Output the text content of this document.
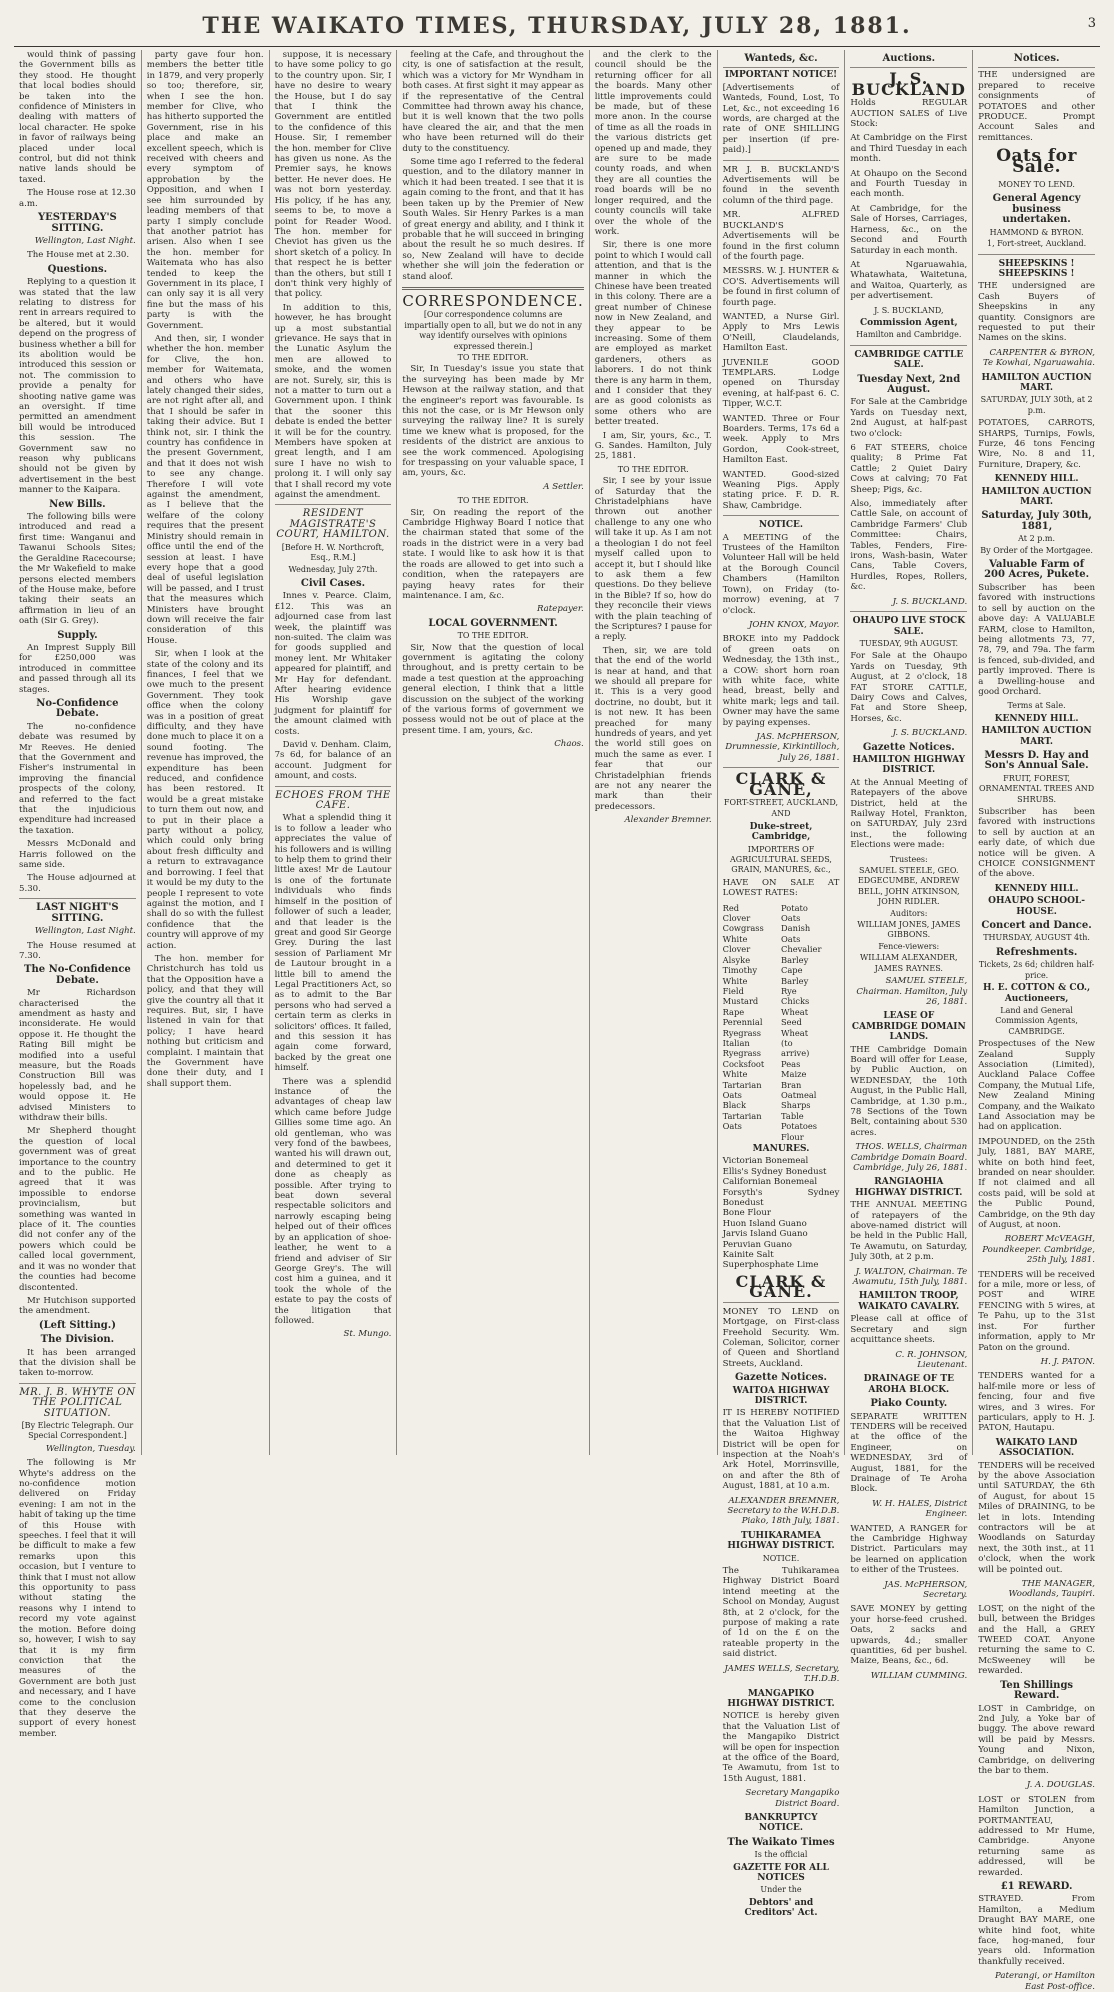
THE WAIKATO TIMES, THURSDAY, JULY 28, 1881.	3

would think of passing the Government bills as they stood. He thought that local bodies should be taken into the confidence of Ministers in dealing with matters of local character. He spoke in favor of railways being placed under local control, but did not think native lands should be taxed.

The House rose at 12.30 a.m.

YESTERDAY'S SITTING.
Wellington, Last Night.

The House met at 2.30.

Questions.

Replying to a question it was stated that the law relating to distress for rent in arrears required to be altered, but it would depend on the progress of business whether a bill for its abolition would be introduced this session or not. The commission to provide a penalty for shooting native game was an oversight. If time permitted an amendment bill would be introduced this session. The Government saw no reason why publicans should not be given by advertisement in the best manner to the Kaipara.

New Bills.

The following bills were introduced and read a first time: Wanganui and Tawanui Schools Sites; the Geraldine Racecourse; the Mr Wakefield to make persons elected members of the House make, before taking their seats an affirmation in lieu of an oath (Sir G. Grey).

Supply.

An Imprest Supply Bill for £250,000 was introduced in committee and passed through all its stages.

No-Confidence Debate.

The no-confidence debate was resumed by Mr Reeves. He denied that the Government and Fisher's instrumental in improving the financial prospects of the colony, and referred to the fact that the injudicious expenditure had increased the taxation.

Messrs McDonald and Harris followed on the same side.

The House adjourned at 5.30.

LAST NIGHT'S SITTING.
Wellington, Last Night.

The House resumed at 7.30.

The No-Confidence Debate.

Mr Richardson characterised the amendment as hasty and inconsiderate. He would oppose it. He thought the Rating Bill might be modified into a useful measure, but the Roads Construction Bill was hopelessly bad, and he would oppose it. He advised Ministers to withdraw their bills.

Mr Shepherd thought the question of local government was of great importance to the country and to the public. He agreed that it was impossible to endorse provincialism, but something was wanted in place of it. The counties did not confer any of the powers which could be called local government, and it was no wonder that the counties had become discontented.

Mr Hutchison supported the amendment.

(Left Sitting.)
The Division.

It has been arranged that the division shall be taken to-morrow.

MR. J. B. WHYTE ON THE POLITICAL SITUATION.
[By Electric Telegraph. Our Special Correspondent.]
Wellington, Tuesday.

The following is Mr Whyte's address on the no-confidence motion delivered on Friday evening: I am not in the habit of taking up the time of this House with speeches. I feel that it will be difficult to make a few remarks upon this occasion, but I venture to think that I must not allow this opportunity to pass without stating the reasons why I intend to record my vote against the motion. Before doing so, however, I wish to say that it is my firm conviction that the measures of the Government are both just and necessary, and I have come to the conclusion that they deserve the support of every honest member.

party gave four hon. members the better title in 1879, and very properly so too; therefore, sir, when I see the hon. member for Clive, who has hitherto supported the Government, rise in his place and make an excellent speech, which is received with cheers and every symptom of approbation by the Opposition, and when I see him surrounded by leading members of that party I simply conclude that another patriot has arisen. Also when I see the hon. member for Waitemata who has also tended to keep the Government in its place, I can only say it is all very fine but the mass of his party is with the Government.

And then, sir, I wonder whether the hon. member for Clive, the hon. member for Waitemata, and others who have lately changed their sides, are not right after all, and that I should be safer in taking their advice. But I think not, sir. I think the country has confidence in the present Government, and that it does not wish to see any change. Therefore I will vote against the amendment, as I believe that the welfare of the colony requires that the present Ministry should remain in office until the end of the session at least. I have every hope that a good deal of useful legislation will be passed, and I trust that the measures which Ministers have brought down will receive the fair consideration of this House.

Sir, when I look at the state of the colony and its finances, I feel that we owe much to the present Government. They took office when the colony was in a position of great difficulty, and they have done much to place it on a sound footing. The revenue has improved, the expenditure has been reduced, and confidence has been restored. It would be a great mistake to turn them out now, and to put in their place a party without a policy, which could only bring about fresh difficulty and a return to extravagance and borrowing. I feel that it would be my duty to the people I represent to vote against the motion, and I shall do so with the fullest confidence that the country will approve of my action.

The hon. member for Christchurch has told us that the Opposition have a policy, and that they will give the country all that it requires. But, sir, I have listened in vain for that policy; I have heard nothing but criticism and complaint. I maintain that the Government have done their duty, and I shall support them.

suppose, it is necessary to have some policy to go to the country upon. Sir, I have no desire to weary the House, but I do say that I think the Government are entitled to the confidence of this House. Sir, I remember the hon. member for Clive has given us none. As the Premier says, he knows better. He never does. He was not born yesterday. His policy, if he has any, seems to be, to move a point for Reader Wood. The hon. member for Cheviot has given us the short sketch of a policy. In that respect he is better than the others, but still I don't think very highly of that policy.

In addition to this, however, he has brought up a most substantial grievance. He says that in the Lunatic Asylum the men are allowed to smoke, and the women are not. Surely, sir, this is not a matter to turn out a Government upon. I think that the sooner this debate is ended the better it will be for the country. Members have spoken at great length, and I am sure I have no wish to prolong it. I will only say that I shall record my vote against the amendment.

RESIDENT MAGISTRATE'S COURT, HAMILTON.
[Before H. W. Northcroft, Esq., R.M.]
Wednesday, July 27th.
Civil Cases.

Innes v. Pearce. Claim, £12. This was an adjourned case from last week, the plaintiff was non-suited. The claim was for goods supplied and money lent. Mr Whitaker appeared for plaintiff, and Mr Hay for defendant. After hearing evidence His Worship gave judgment for plaintiff for the amount claimed with costs.

David v. Denham. Claim, 7s 6d, for balance of an account. Judgment for amount, and costs.

ECHOES FROM THE CAFE.

What a splendid thing it is to follow a leader who appreciates the value of his followers and is willing to help them to grind their little axes! Mr de Lautour is one of the fortunate individuals who finds himself in the position of follower of such a leader, and that leader is the great and good Sir George Grey. During the last session of Parliament Mr de Lautour brought in a little bill to amend the Legal Practitioners Act, so as to admit to the Bar persons who had served a certain term as clerks in solicitors' offices. It failed, and this session it has again come forward, backed by the great one himself.

There was a splendid instance of the advantages of cheap law which came before Judge Gillies some time ago. An old gentleman, who was very fond of the bawbees, wanted his will drawn out, and determined to get it done as cheaply as possible. After trying to beat down several respectable solicitors and narrowly escaping being helped out of their offices by an application of shoe-leather, he went to a friend and adviser of Sir George Grey's. The will cost him a guinea, and it took the whole of the estate to pay the costs of the litigation that followed.

St. Mungo.

feeling at the Cafe, and throughout the city, is one of satisfaction at the result, which was a victory for Mr Wyndham in both cases. At first sight it may appear as if the representative of the Central Committee had thrown away his chance, but it is well known that the two polls have cleared the air, and that the men who have been returned will do their duty to the constituency.

Some time ago I referred to the federal question, and to the dilatory manner in which it had been treated. I see that it is again coming to the front, and that it has been taken up by the Premier of New South Wales. Sir Henry Parkes is a man of great energy and ability, and I think it probable that he will succeed in bringing about the result he so much desires. If so, New Zealand will have to decide whether she will join the federation or stand aloof.

CORRESPONDENCE.
[Our correspondence columns are impartially open to all, but we do not in any way identify ourselves with opinions expressed therein.]
TO THE EDITOR.

Sir, In Tuesday's issue you state that the surveying has been made by Mr Hewson at the railway station, and that the engineer's report was favourable. Is this not the case, or is Mr Hewson only surveying the railway line? It is surely time we knew what is proposed, for the residents of the district are anxious to see the work commenced. Apologising for trespassing on your valuable space, I am, yours, &c.

A Settler.
TO THE EDITOR.

Sir, On reading the report of the Cambridge Highway Board I notice that the chairman stated that some of the roads in the district were in a very bad state. I would like to ask how it is that the roads are allowed to get into such a condition, when the ratepayers are paying heavy rates for their maintenance. I am, &c.

Ratepayer.
LOCAL GOVERNMENT.
TO THE EDITOR.

Sir, Now that the question of local government is agitating the colony throughout, and is pretty certain to be made a test question at the approaching general election, I think that a little discussion on the subject of the working of the various forms of government we possess would not be out of place at the present time. I am, yours, &c.

Chaos.

and the clerk to the council should be the returning officer for all the boards. Many other little improvements could be made, but of these more anon. In the course of time as all the roads in the various districts get opened up and made, they are sure to be made county roads, and when they are all counties the road boards will be no longer required, and the county councils will take over the whole of the work.

Sir, there is one more point to which I would call attention, and that is the manner in which the Chinese have been treated in this colony. There are a great number of Chinese now in New Zealand, and they appear to be increasing. Some of them are employed as market gardeners, others as laborers. I do not think there is any harm in them, and I consider that they are as good colonists as some others who are better treated.

I am, Sir, yours, &c., T. G. Sandes. Hamilton, July 25, 1881.

TO THE EDITOR.

Sir, I see by your issue of Saturday that the Christadelphians have thrown out another challenge to any one who will take it up. As I am not a theologian I do not feel myself called upon to accept it, but I should like to ask them a few questions. Do they believe in the Bible? If so, how do they reconcile their views with the plain teaching of the Scriptures? I pause for a reply.

Then, sir, we are told that the end of the world is near at hand, and that we should all prepare for it. This is a very good doctrine, no doubt, but it is not new. It has been preached for many hundreds of years, and yet the world still goes on much the same as ever. I fear that our Christadelphian friends are not any nearer the mark than their predecessors.

Alexander Bremner.
Wanteds, &c.
IMPORTANT NOTICE!
[Advertisements of Wanteds, Found, Lost, To Let, &c., not exceeding 16 words, are charged at the rate of ONE SHILLING per insertion (if pre-paid).]
MR J. B. BUCKLAND'S Advertisements will be found in the seventh column of the third page.
MR. ALFRED BUCKLAND'S Advertisements will be found in the first column of the fourth page.
MESSRS. W. J. HUNTER & CO'S. Advertisements will be found in first column of fourth page.
WANTED, a Nurse Girl. Apply to Mrs Lewis O'Neill, Claudelands, Hamilton East.
JUVENILE GOOD TEMPLARS. Lodge opened on Thursday evening, at half-past 6. C. Tipper, W.C.T.
WANTED. Three or Four Boarders. Terms, 17s 6d a week. Apply to Mrs Gordon, Cook-street, Hamilton East.
WANTED. Good-sized Weaning Pigs. Apply stating price. F. D. R. Shaw, Cambridge.
NOTICE.
A MEETING of the Trustees of the Hamilton Volunteer Hall will be held at the Borough Council Chambers (Hamilton Town), on Friday (to-morrow) evening, at 7 o'clock.
JOHN KNOX, Mayor.
BROKE into my Paddock of green oats on Wednesday, the 13th inst., a COW: short horn roan with white face, white head, breast, belly and white mark; legs and tail. Owner may have the same by paying expenses.
JAS. McPHERSON, Drumnessie, Kirkintilloch, July 26, 1881.
CLARK & GANE,
FORT-STREET, AUCKLAND,
AND
Duke-street, Cambridge,
IMPORTERS OF AGRICULTURAL SEEDS, GRAIN, MANURES, &c.,
HAVE ON SALE AT LOWEST RATES:
Red Clover
Cowgrass
White Clover
Alsyke
Timothy
White Field Mustard
Rape
Perennial Ryegrass
Italian Ryegrass
Cocksfoot
White Tartarian Oats
Black Tartarian Oats
Potato Oats
Danish Oats
Chevalier Barley
Cape Barley
Rye
Chicks Wheat
Seed Wheat (to arrive)
Peas
Maize
Bran
Oatmeal
Sharps
Table Potatoes
Flour
MANURES.
Victorian Bonemeal
Ellis's Sydney Bonedust
Californian Bonemeal
Forsyth's Sydney Bonedust
Bone Flour
Huon Island Guano
Jarvis Island Guano
Peruvian Guano
Kainite Salt
Superphosphate Lime
CLARK & GANE.
MONEY TO LEND on Mortgage, on First-class Freehold Security. Wm. Coleman, Solicitor, corner of Queen and Shortland Streets, Auckland.
Gazette Notices.
WAITOA HIGHWAY DISTRICT.
IT IS HEREBY NOTIFIED that the Valuation List of the Waitoa Highway District will be open for inspection at the Noah's Ark Hotel, Morrinsville, on and after the 8th of August, 1881, at 10 a.m.
ALEXANDER BREMNER, Secretary to the W.H.D.B. Piako, 18th July, 1881.
TUHIKARAMEA HIGHWAY DISTRICT.
NOTICE.
The Tuhikaramea Highway District Board intend meeting at the School on Monday, August 8th, at 2 o'clock, for the purpose of making a rate of 1d on the £ on the rateable property in the said district.
JAMES WELLS, Secretary, T.H.D.B.
MANGAPIKO HIGHWAY DISTRICT.
NOTICE is hereby given that the Valuation List of the Mangapiko District will be open for inspection at the office of the Board, Te Awamutu, from 1st to 15th August, 1881.
Secretary Mangapiko District Board.
BANKRUPTCY NOTICE.
The Waikato Times
Is the official
GAZETTE FOR ALL NOTICES
Under the
Debtors' and Creditors' Act.
Auctions.
J. S. BUCKLAND
Holds REGULAR AUCTION SALES of Live Stock:
At Cambridge on the First and Third Tuesday in each month.
At Ohaupo on the Second and Fourth Tuesday in each month.
At Cambridge, for the Sale of Horses, Carriages, Harness, &c., on the Second and Fourth Saturday in each month.
At Ngaruawahia, Whatawhata, Waitetuna, and Waitoa, Quarterly, as per advertisement.
J. S. BUCKLAND,
Commission Agent,
Hamilton and Cambridge.
CAMBRIDGE CATTLE SALE.
Tuesday Next, 2nd August.
For Sale at the Cambridge Yards on Tuesday next, 2nd August, at half-past two o'clock:
6 FAT STEERS, choice quality; 8 Prime Fat Cattle; 2 Quiet Dairy Cows at calving; 70 Fat Sheep; Pigs, &c.
Also, immediately after Cattle Sale, on account of Cambridge Farmers' Club Committee: Chairs, Tables, Fenders, Fire-irons, Wash-basin, Water Cans, Table Covers, Hurdles, Ropes, Rollers, &c.
J. S. BUCKLAND.
OHAUPO LIVE STOCK SALE.
TUESDAY, 9th AUGUST.
For Sale at the Ohaupo Yards on Tuesday, 9th August, at 2 o'clock, 18 FAT STORE CATTLE, Dairy Cows and Calves, Fat and Store Sheep, Horses, &c.
J. S. BUCKLAND.
Gazette Notices.
HAMILTON HIGHWAY DISTRICT.
At the Annual Meeting of Ratepayers of the above District, held at the Railway Hotel, Frankton, on SATURDAY, July 23rd inst., the following Elections were made:
Trustees:
SAMUEL STEELE, GEO. EDGECUMBE, ANDREW BELL, JOHN ATKINSON, JOHN RIDLER.
Auditors:
WILLIAM JONES, JAMES GIBBONS.
Fence-viewers:
WILLIAM ALEXANDER, JAMES RAYNES.
SAMUEL STEELE, Chairman. Hamilton, July 26, 1881.
LEASE OF CAMBRIDGE DOMAIN LANDS.
THE Cambridge Domain Board will offer for Lease, by Public Auction, on WEDNESDAY, the 10th August, in the Public Hall, Cambridge, at 1.30 p.m., 78 Sections of the Town Belt, containing about 530 acres.
THOS. WELLS, Chairman Cambridge Domain Board. Cambridge, July 26, 1881.
RANGIAOHIA HIGHWAY DISTRICT.
THE ANNUAL MEETING of ratepayers of the above-named district will be held in the Public Hall, Te Awamutu, on Saturday, July 30th, at 2 p.m.
J. WALTON, Chairman. Te Awamutu, 15th July, 1881.
HAMILTON TROOP, WAIKATO CAVALRY.
Please call at office of Secretary and sign acquittance sheets.
C. R. JOHNSON, Lieutenant.
DRAINAGE OF TE AROHA BLOCK.
Piako County.
SEPARATE WRITTEN TENDERS will be received at the office of the Engineer, on WEDNESDAY, 3rd of August, 1881, for the Drainage of Te Aroha Block.
W. H. HALES, District Engineer.
WANTED, A RANGER for the Cambridge Highway District. Particulars may be learned on application to either of the Trustees.
JAS. McPHERSON, Secretary.
SAVE MONEY by getting your horse-feed crushed. Oats, 2 sacks and upwards, 4d.; smaller quantities, 6d per bushel. Maize, Beans, &c., 6d.
WILLIAM CUMMING.
Notices.
THE undersigned are prepared to receive consignments of POTATOES and other PRODUCE. Prompt Account Sales and remittances.
Oats for Sale.
MONEY TO LEND.
General Agency business undertaken.
HAMMOND & BYRON.
1, Fort-street, Auckland.
SHEEPSKINS ! SHEEPSKINS !
THE undersigned are Cash Buyers of Sheepskins in any quantity. Consignors are requested to put their Names on the skins.
CARPENTER & BYRON, Te Kowhai, Ngaruawahia.
HAMILTON AUCTION MART.
SATURDAY, JULY 30th, at 2 p.m.
POTATOES, CARROTS, SHARPS, Turnips, Fowls, Furze, 46 tons Fencing Wire, No. 8 and 11, Furniture, Drapery, &c.
KENNEDY HILL.
HAMILTON AUCTION MART.
Saturday, July 30th, 1881,
At 2 p.m.
By Order of the Mortgagee.
Valuable Farm of 200 Acres, Pukete.
Subscriber has been favored with instructions to sell by auction on the above day: A VALUABLE FARM, close to Hamilton, being allotments 73, 77, 78, 79, and 79a. The farm is fenced, sub-divided, and partly improved. There is a Dwelling-house and good Orchard.
Terms at Sale.
KENNEDY HILL.
HAMILTON AUCTION MART.
Messrs D. Hay and Son's Annual Sale.
FRUIT, FOREST, ORNAMENTAL TREES AND SHRUBS.
Subscriber has been favored with instructions to sell by auction at an early date, of which due notice will be given. A CHOICE CONSIGNMENT of the above.
KENNEDY HILL.
OHAUPO SCHOOL-HOUSE.
Concert and Dance.
THURSDAY, AUGUST 4th.
Refreshments.
Tickets, 2s 6d; children half-price.
H. E. COTTON & CO., Auctioneers,
Land and General Commission Agents, CAMBRIDGE.
Prospectuses of the New Zealand Supply Association (Limited), Auckland Palace Coffee Company, the Mutual Life, New Zealand Mining Company, and the Waikato Land Association may be had on application.
IMPOUNDED, on the 25th July, 1881, BAY MARE, white on both hind feet, branded on near shoulder. If not claimed and all costs paid, will be sold at the Public Pound, Cambridge, on the 9th day of August, at noon.
ROBERT McVEAGH, Poundkeeper. Cambridge, 25th July, 1881.
TENDERS will be received for a mile, more or less, of POST and WIRE FENCING with 5 wires, at Te Pahu, up to the 31st inst. For further information, apply to Mr Paton on the ground.
H. J. PATON.
TENDERS wanted for a half-mile more or less of fencing, four and five wires, and 3 wires. For particulars, apply to H. J. PATON, Hautapu.
WAIKATO LAND ASSOCIATION.
TENDERS will be received by the above Association until SATURDAY, the 6th of August, for about 15 Miles of DRAINING, to be let in lots. Intending contractors will be at Woodlands on Saturday next, the 30th inst., at 11 o'clock, when the work will be pointed out.
THE MANAGER, Woodlands, Taupiri.
LOST, on the night of the bull, between the Bridges and the Hall, a GREY TWEED COAT. Anyone returning the same to C. McSweeney will be rewarded.
Ten Shillings Reward.
LOST in Cambridge, on 2nd July, a Yoke bar of buggy. The above reward will be paid by Messrs. Young and Nixon, Cambridge, on delivering the bar to them.
J. A. DOUGLAS.
LOST or STOLEN from Hamilton Junction, a PORTMANTEAU, addressed to Mr Hume, Cambridge. Anyone returning same as addressed, will be rewarded.
£1 REWARD.
STRAYED. From Hamilton, a Medium Draught BAY MARE, one white hind foot, white face, hog-maned, four years old. Information thankfully received.
Paterangi, or Hamilton East Post-office.
